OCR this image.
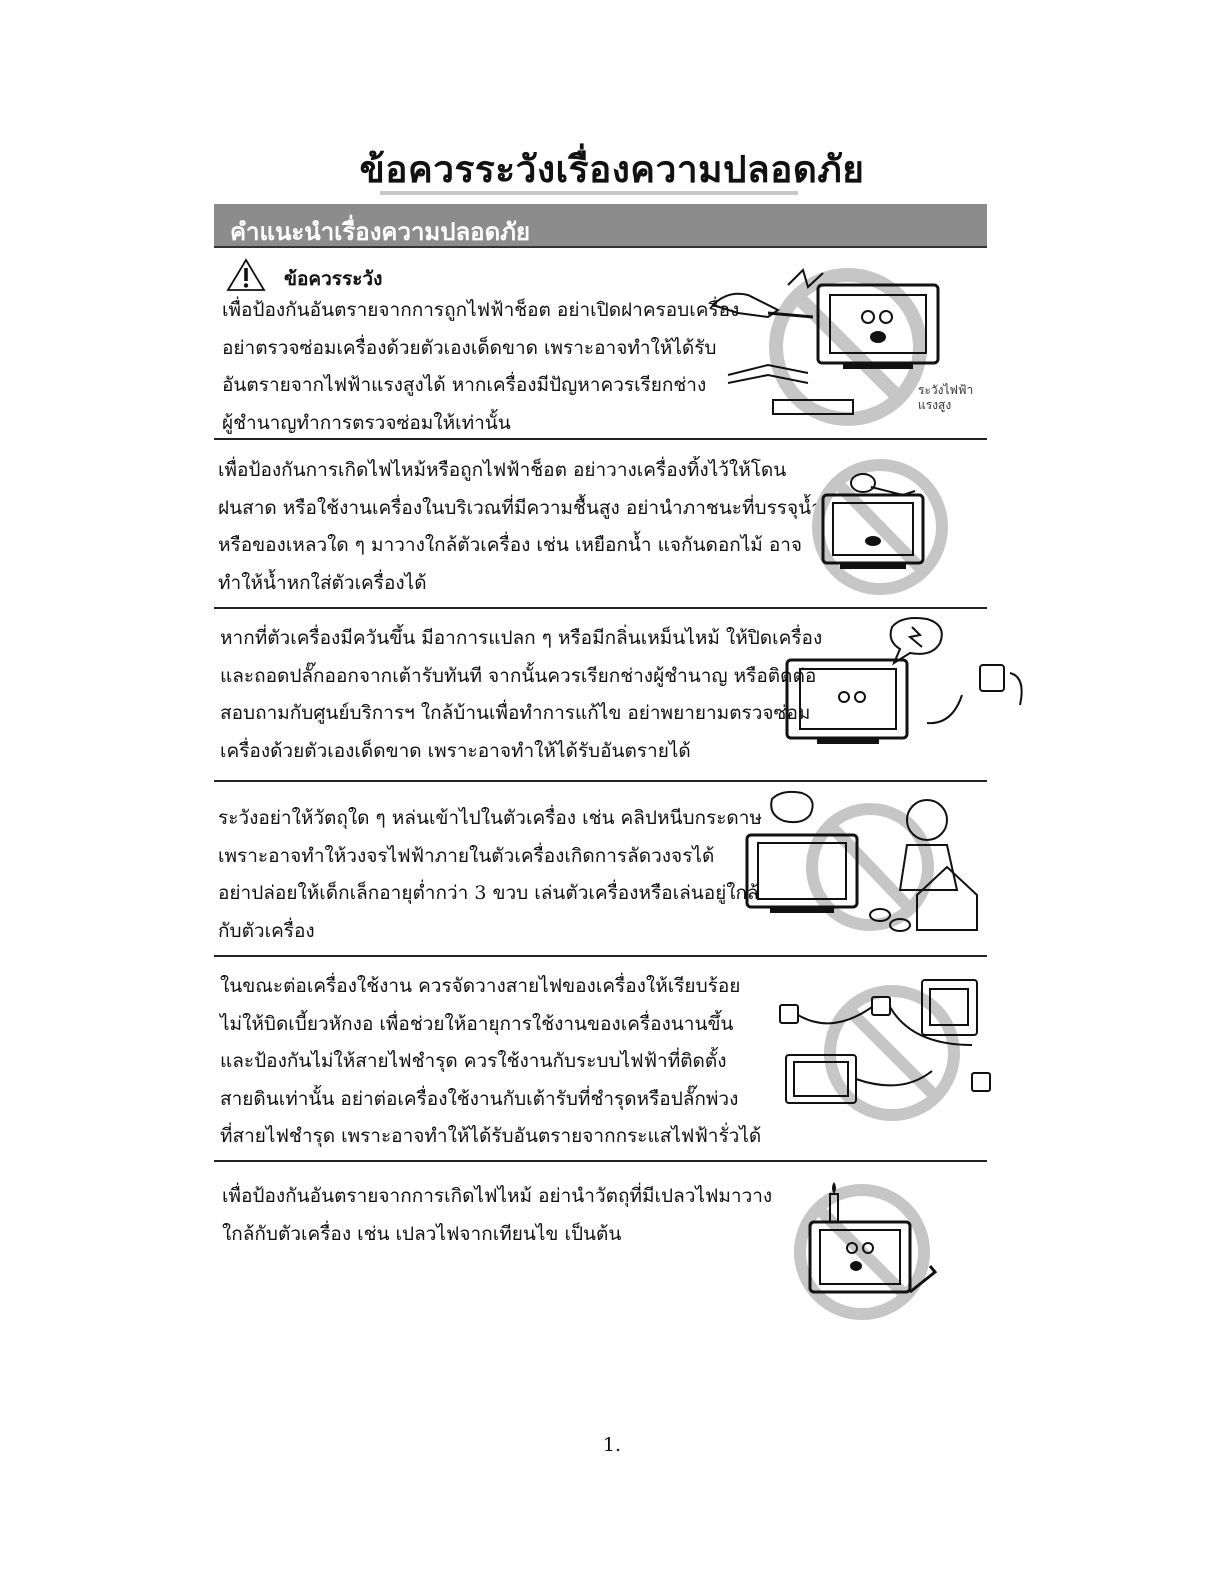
ข้อควรระวังเรื่องความปลอดภัย
คำแนะนำเรื่องความปลอดภัย
ข้อควรระวัง
เพื่อป้องกันอันตรายจากการถูกไฟฟ้าช็อต อย่าเปิดฝาครอบเครื่อง
อย่าตรวจซ่อมเครื่องด้วยตัวเองเด็ดขาด เพราะอาจทำให้ได้รับ
อันตรายจากไฟฟ้าแรงสูงได้ หากเครื่องมีปัญหาควรเรียกช่าง
ผู้ชำนาญทำการตรวจซ่อมให้เท่านั้น
ระวังไฟฟ้า
แรงสูง
เพื่อป้องกันการเกิดไฟไหม้หรือถูกไฟฟ้าช็อต อย่าวางเครื่องทิ้งไว้ให้โดน
ฝนสาด หรือใช้งานเครื่องในบริเวณที่มีความชื้นสูง อย่านำภาชนะที่บรรจุน้ำ
หรือของเหลวใด ๆ มาวางใกล้ตัวเครื่อง เช่น เหยือกน้ำ แจกันดอกไม้ อาจ
ทำให้น้ำหกใส่ตัวเครื่องได้
หากที่ตัวเครื่องมีควันขึ้น มีอาการแปลก ๆ หรือมีกลิ่นเหม็นไหม้ ให้ปิดเครื่อง
และถอดปลั๊กออกจากเต้ารับทันที จากนั้นควรเรียกช่างผู้ชำนาญ หรือติดต่อ
สอบถามกับศูนย์บริการฯ ใกล้บ้านเพื่อทำการแก้ไข อย่าพยายามตรวจซ่อม
เครื่องด้วยตัวเองเด็ดขาด เพราะอาจทำให้ได้รับอันตรายได้
ระวังอย่าให้วัตถุใด ๆ หล่นเข้าไปในตัวเครื่อง เช่น คลิปหนีบกระดาษ
เพราะอาจทำให้วงจรไฟฟ้าภายในตัวเครื่องเกิดการลัดวงจรได้
อย่าปล่อยให้เด็กเล็กอายุต่ำกว่า 3 ขวบ เล่นตัวเครื่องหรือเล่นอยู่ใกล้
กับตัวเครื่อง
ในขณะต่อเครื่องใช้งาน ควรจัดวางสายไฟของเครื่องให้เรียบร้อย
ไม่ให้บิดเบี้ยวหักงอ เพื่อช่วยให้อายุการใช้งานของเครื่องนานขึ้น
และป้องกันไม่ให้สายไฟชำรุด ควรใช้งานกับระบบไฟฟ้าที่ติดตั้ง
สายดินเท่านั้น อย่าต่อเครื่องใช้งานกับเต้ารับที่ชำรุดหรือปลั๊กพ่วง
ที่สายไฟชำรุด เพราะอาจทำให้ได้รับอันตรายจากกระแสไฟฟ้ารั่วได้
เพื่อป้องกันอันตรายจากการเกิดไฟไหม้ อย่านำวัตถุที่มีเปลวไฟมาวาง
ใกล้กับตัวเครื่อง เช่น เปลวไฟจากเทียนไข เป็นต้น
1.
